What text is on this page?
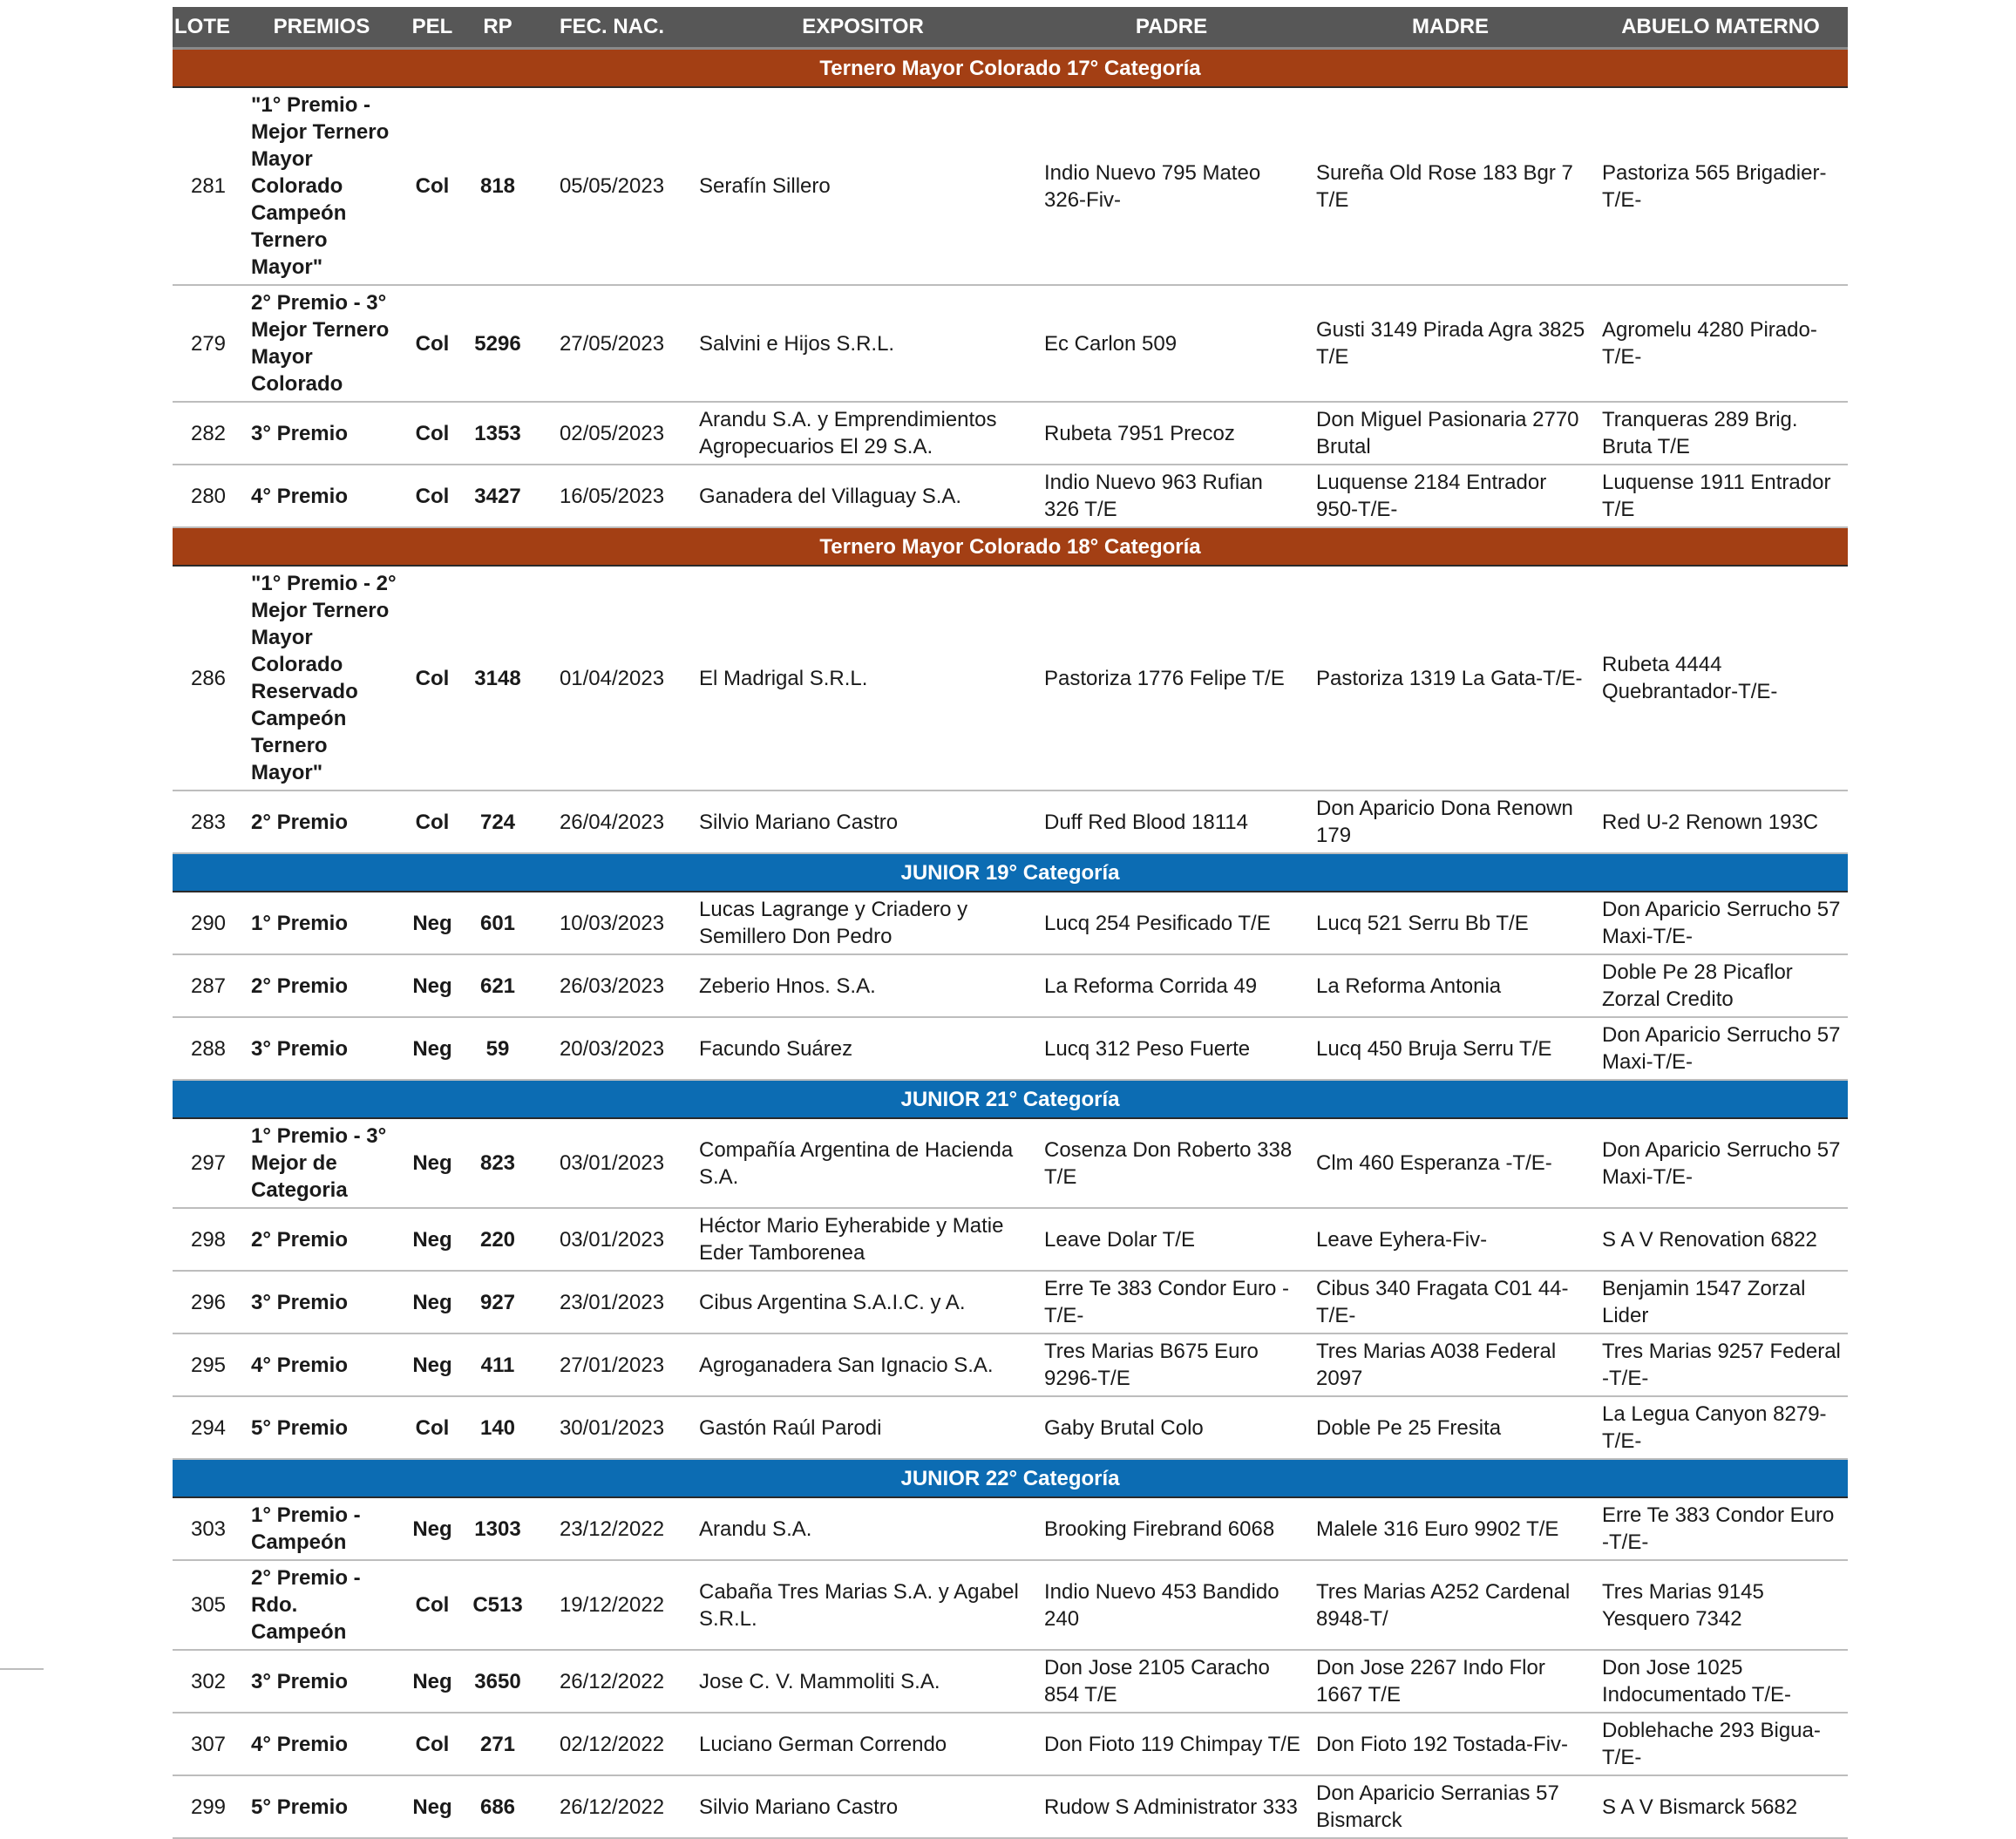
LOTE	PREMIOS	PEL	RP	FEC. NAC.	EXPOSITOR	PADRE	MADRE	ABUELO MATERNO
Ternero Mayor Colorado 17° Categoría								
281	"1° Premio - Mejor Ternero Mayor Colorado Campeón Ternero Mayor"	Col	818	05/05/2023	Serafín Sillero	Indio Nuevo 795 Mateo 326-Fiv-	Sureña Old Rose 183 Bgr 7 T/E	Pastoriza 565 Brigadier-T/E-
279	2° Premio - 3° Mejor Ternero Mayor Colorado	Col	5296	27/05/2023	Salvini e Hijos S.R.L.	Ec Carlon 509	Gusti 3149 Pirada Agra 3825 T/E	Agromelu 4280 Pirado-T/E-
282	3° Premio	Col	1353	02/05/2023	Arandu S.A. y Emprendimientos Agropecuarios El 29 S.A.	Rubeta 7951 Precoz	Don Miguel Pasionaria 2770 Brutal	Tranqueras 289 Brig. Bruta T/E
280	4° Premio	Col	3427	16/05/2023	Ganadera del Villaguay S.A.	Indio Nuevo 963 Rufian 326 T/E	Luquense 2184 Entrador 950-T/E-	Luquense 1911 Entrador T/E
Ternero Mayor Colorado 18° Categoría								
286	"1° Premio - 2° Mejor Ternero Mayor Colorado Reservado Campeón Ternero Mayor"	Col	3148	01/04/2023	El Madrigal S.R.L.	Pastoriza 1776 Felipe T/E	Pastoriza 1319 La Gata-T/E-	Rubeta 4444 Quebrantador-T/E-
283	2° Premio	Col	724	26/04/2023	Silvio Mariano Castro	Duff Red Blood 18114	Don Aparicio Dona Renown 179	Red U-2 Renown 193C
JUNIOR 19° Categoría								
290	1° Premio	Neg	601	10/03/2023	Lucas Lagrange y Criadero y Semillero Don Pedro	Lucq 254 Pesificado T/E	Lucq 521 Serru Bb T/E	Don Aparicio Serrucho 57 Maxi-T/E-
287	2° Premio	Neg	621	26/03/2023	Zeberio Hnos. S.A.	La Reforma Corrida 49	La Reforma Antonia	Doble Pe 28 Picaflor Zorzal Credito
288	3° Premio	Neg	59	20/03/2023	Facundo Suárez	Lucq 312 Peso Fuerte	Lucq 450 Bruja Serru T/E	Don Aparicio Serrucho 57 Maxi-T/E-
JUNIOR 21° Categoría								
297	1° Premio - 3° Mejor de Categoria	Neg	823	03/01/2023	Compañía Argentina de Hacienda S.A.	Cosenza Don Roberto 338 T/E	Clm 460 Esperanza -T/E-	Don Aparicio Serrucho 57 Maxi-T/E-
298	2° Premio	Neg	220	03/01/2023	Héctor Mario Eyherabide y Matie Eder Tamborenea	Leave Dolar T/E	Leave Eyhera-Fiv-	S A V Renovation 6822
296	3° Premio	Neg	927	23/01/2023	Cibus Argentina S.A.I.C. y A.	Erre Te 383 Condor Euro -T/E-	Cibus 340 Fragata C01 44-T/E-	Benjamin 1547 Zorzal Lider
295	4° Premio	Neg	411	27/01/2023	Agroganadera San Ignacio S.A.	Tres Marias B675 Euro 9296-T/E	Tres Marias A038 Federal 2097	Tres Marias 9257 Federal -T/E-
294	5° Premio	Col	140	30/01/2023	Gastón Raúl Parodi	Gaby Brutal Colo	Doble Pe 25 Fresita	La Legua Canyon 8279-T/E-
JUNIOR 22° Categoría								
303	1° Premio - Campeón	Neg	1303	23/12/2022	Arandu S.A.	Brooking Firebrand 6068	Malele 316 Euro 9902 T/E	Erre Te 383 Condor Euro -T/E-
305	2° Premio - Rdo. Campeón	Col	C513	19/12/2022	Cabaña Tres Marias S.A. y Agabel S.R.L.	Indio Nuevo 453 Bandido 240	Tres Marias A252 Cardenal 8948-T/	Tres Marias 9145 Yesquero 7342
302	3° Premio	Neg	3650	26/12/2022	Jose C. V. Mammoliti S.A.	Don Jose 2105 Caracho 854 T/E	Don Jose 2267 Indo Flor 1667 T/E	Don Jose 1025 Indocumentado T/E-
307	4° Premio	Col	271	02/12/2022	Luciano German Correndo	Don Fioto 119 Chimpay T/E	Don Fioto 192 Tostada-Fiv-	Doblehache 293 Bigua-T/E-
299	5° Premio	Neg	686	26/12/2022	Silvio Mariano Castro	Rudow S Administrator 333	Don Aparicio Serranias 57 Bismarck	S A V Bismarck 5682
